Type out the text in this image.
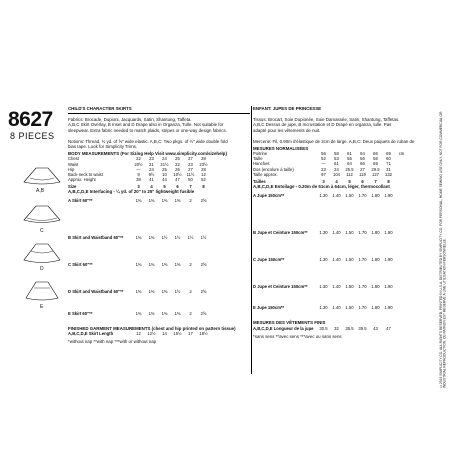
8627
8 PIECES
A,B
C
D
E
CHILD'S CHARACTER SKIRTS
Fabrics: Brocade, Dupioni, Jacquards, Satin, Shantung, Taffeta.
A,B,C Skirt Overlay, B Inset and D Drape also in Organza, Tulle. Not suitable for
sleepwear. Extra fabric needed to match plaids, stripes or one-way design fabrics.
Notions: Thread, ¾ yd. of ⅝" wide elastic. A,B,C: Two pkgs. of ½" wide double fold
bias tape. Look for Simplicity Trims.
BODY MEASUREMENTS (For Sizing Help Visit www.simplicity.com/sizehelp)
Chest	22	23	24	25	27	28
Waist	20½	21	21½	22	23	23½
Hip	—	24	25	26	27	28
Back-neck to waist	9	9½	10	10½	11½	12
Approx. Height	38	41	44	47	50	52
Size	3	4	5	6	7	8
A,B,C,D,E Interfacing - ¼ yd. of 20" to 25" lightweight fusible
A Skirt 60"**	1⅜	1⅜	1⅜	1⅜	2	2⅝
B Skirt and Waistband 60"**	1⅜	1⅜	1½	1½	1½	1½
C Skirt 60"**	1⅜	1⅜	1⅜	1⅜	2	2⅝
D Skirt and Waistband 60"**	1⅜	1⅜	1⅜	1½	2	2⅝
E Skirt 60"**	1⅜	1⅜	1⅜	1⅜	2	2⅝
FINISHED GARMENT MEASUREMENTS (chest and hip printed on pattern tissue)
A,B,C,D,E Skirt Length	12	12½	14	15½	17	18½
*without nap **with nap ***with or without nap
ENFANT: JUPES DE PRINCESSE
Tissus: Brocart, Soie Dupionée, Soie Damassée, Satin, Shantung, Taffetas.
A,B,C Dessus de jupe, B Incrustation et D Drapé en organza, tulle. Pas
adapté pour les vêtements de nuit.
Mercerie: Fil, 0.90m d'élastique de 2cm de large. A,B,C: Deux paquets de ruban de
MESURES NORMALISÉES
Poitrine	56	58	61	64	66	69	cm
Taille	52	53	55	56	58	60
Hanches	—	61	64	66	69	71
Dos (encolure à taille)	23	24	25.5	27	29.5	31
Taille approx.	97	104	112	119	127	132
Tailles	3	4	5	6	7	8
A,B,C,D,E Entoilage - 0.20m de 51cm à 64cm, léger, thermocollant
A Jupe 150cm**	1.30	1.40	1.50	1.70	1.80	1.90
B Jupe et Ceinture 150cm**	1.30	1.40	1.50	1.70	1.80	1.90
C Jupe 150cm**	1.30	1.40	1.50	1.70	1.80	1.90
D Jupe et Ceinture 150cm**	1.30	1.40	1.50	1.70	1.80	1.90
E Jupe 150cm**	1.30	1.40	1.50	1.70	1.80	1.90
MESURES DES VÊTEMENTS FINIS
A,B,C,D,E Longueur de la jupe	30.5	32	35.5	39.5	43	47
*sans sens **avec sens ***avec ou sans sens	©2019 SIMPLICITY CO. ALL RIGHTS RESERVED. PRINTED IN U.S.A. DISTRIBUTED BY SIMPLICITY CO. FOR PERSONAL, HOME SEWING USE ONLY. NOT FOR COMMERCIAL OR INDUSTRIAL REPRODUCTION. CE PATRON EST RÉSERVÉ À UNE UTILISATION PERSONNELLE.
